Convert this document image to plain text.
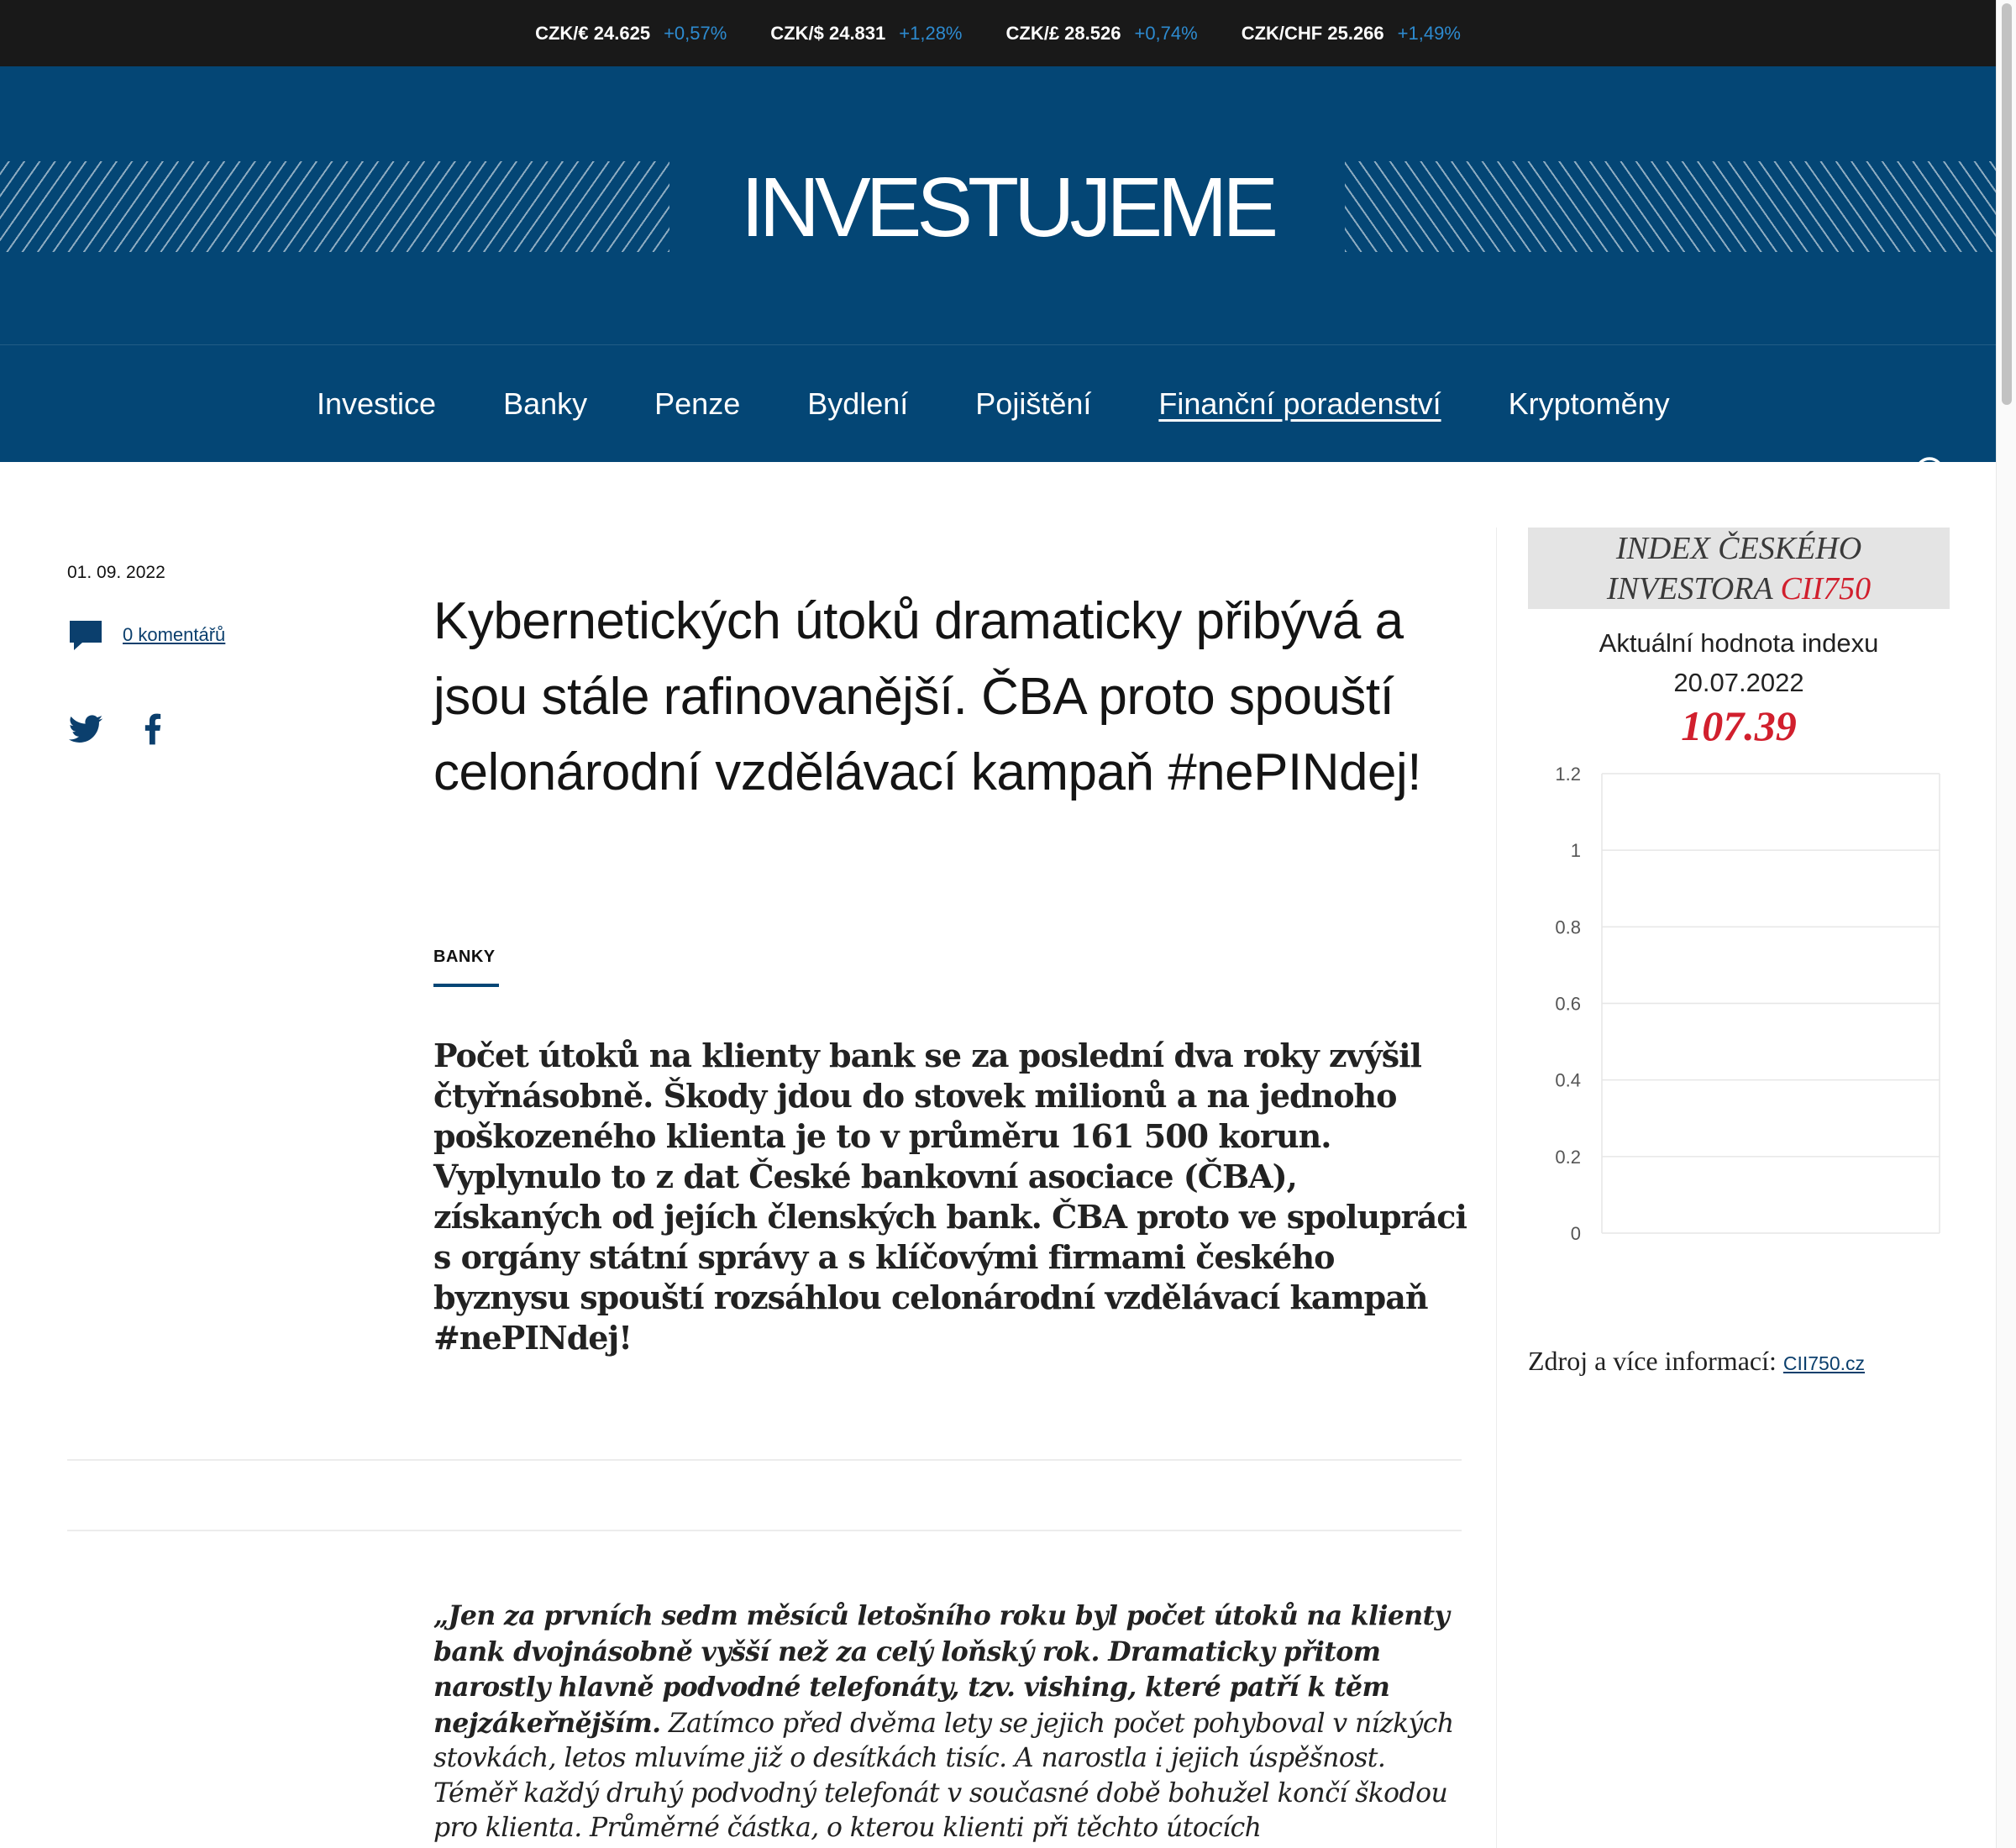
CZK/€ 24.625 +0,57% CZK/$ 24.831 +1,28% CZK/£ 28.526 +0,74% CZK/CHF 25.266 +1,49%
INVESTUJEME
Investice Banky Penze Bydlení Pojištění Finanční poradenství Kryptoměny
01. 09. 2022
0 komentářů	Kybernetických útoků dramaticky přibývá a jsou stále rafinovanější. ČBA proto spouští celonárodní vzdělávací kampaň #nePINdej!
BANKY

Počet útoků na klienty bank se za poslední dva roky zvýšil čtyřnásobně. Škody jdou do stovek milionů a na jednoho poškozeného klienta je to v průměru 161 500 korun. Vyplynulo to z dat České bankovní asociace (ČBA), získaných od jejích členských bank. ČBA proto ve spolupráci s orgány státní správy a s klíčovými firmami českého byznysu spouští rozsáhlou celonárodní vzdělávací kampaň #nePINdej!

„Jen za prvních sedm měsíců letošního roku byl počet útoků na klienty bank dvojnásobně vyšší než za celý loňský rok. Dramaticky přitom narostly hlavně podvodné telefonáty, tzv. vishing, které patří k těm nejzákeřnějším. Zatímco před dvěma lety se jejich počet pohyboval v nízkých stovkách, letos mluvíme již o desítkách tisíc. A narostla i jejich úspěšnost. Téměř každý druhý podvodný telefonát v současné době bohužel končí škodou pro klienta. Průměrné částka, o kterou klienti při těchto útocích

INDEX ČESKÉHO
INVESTORA CII750
Aktuální hodnota indexu
20.07.2022
107.39
1.2
1
0.8
0.6
0.4
0.2
0
Zdroj a více informací: CII750.cz
